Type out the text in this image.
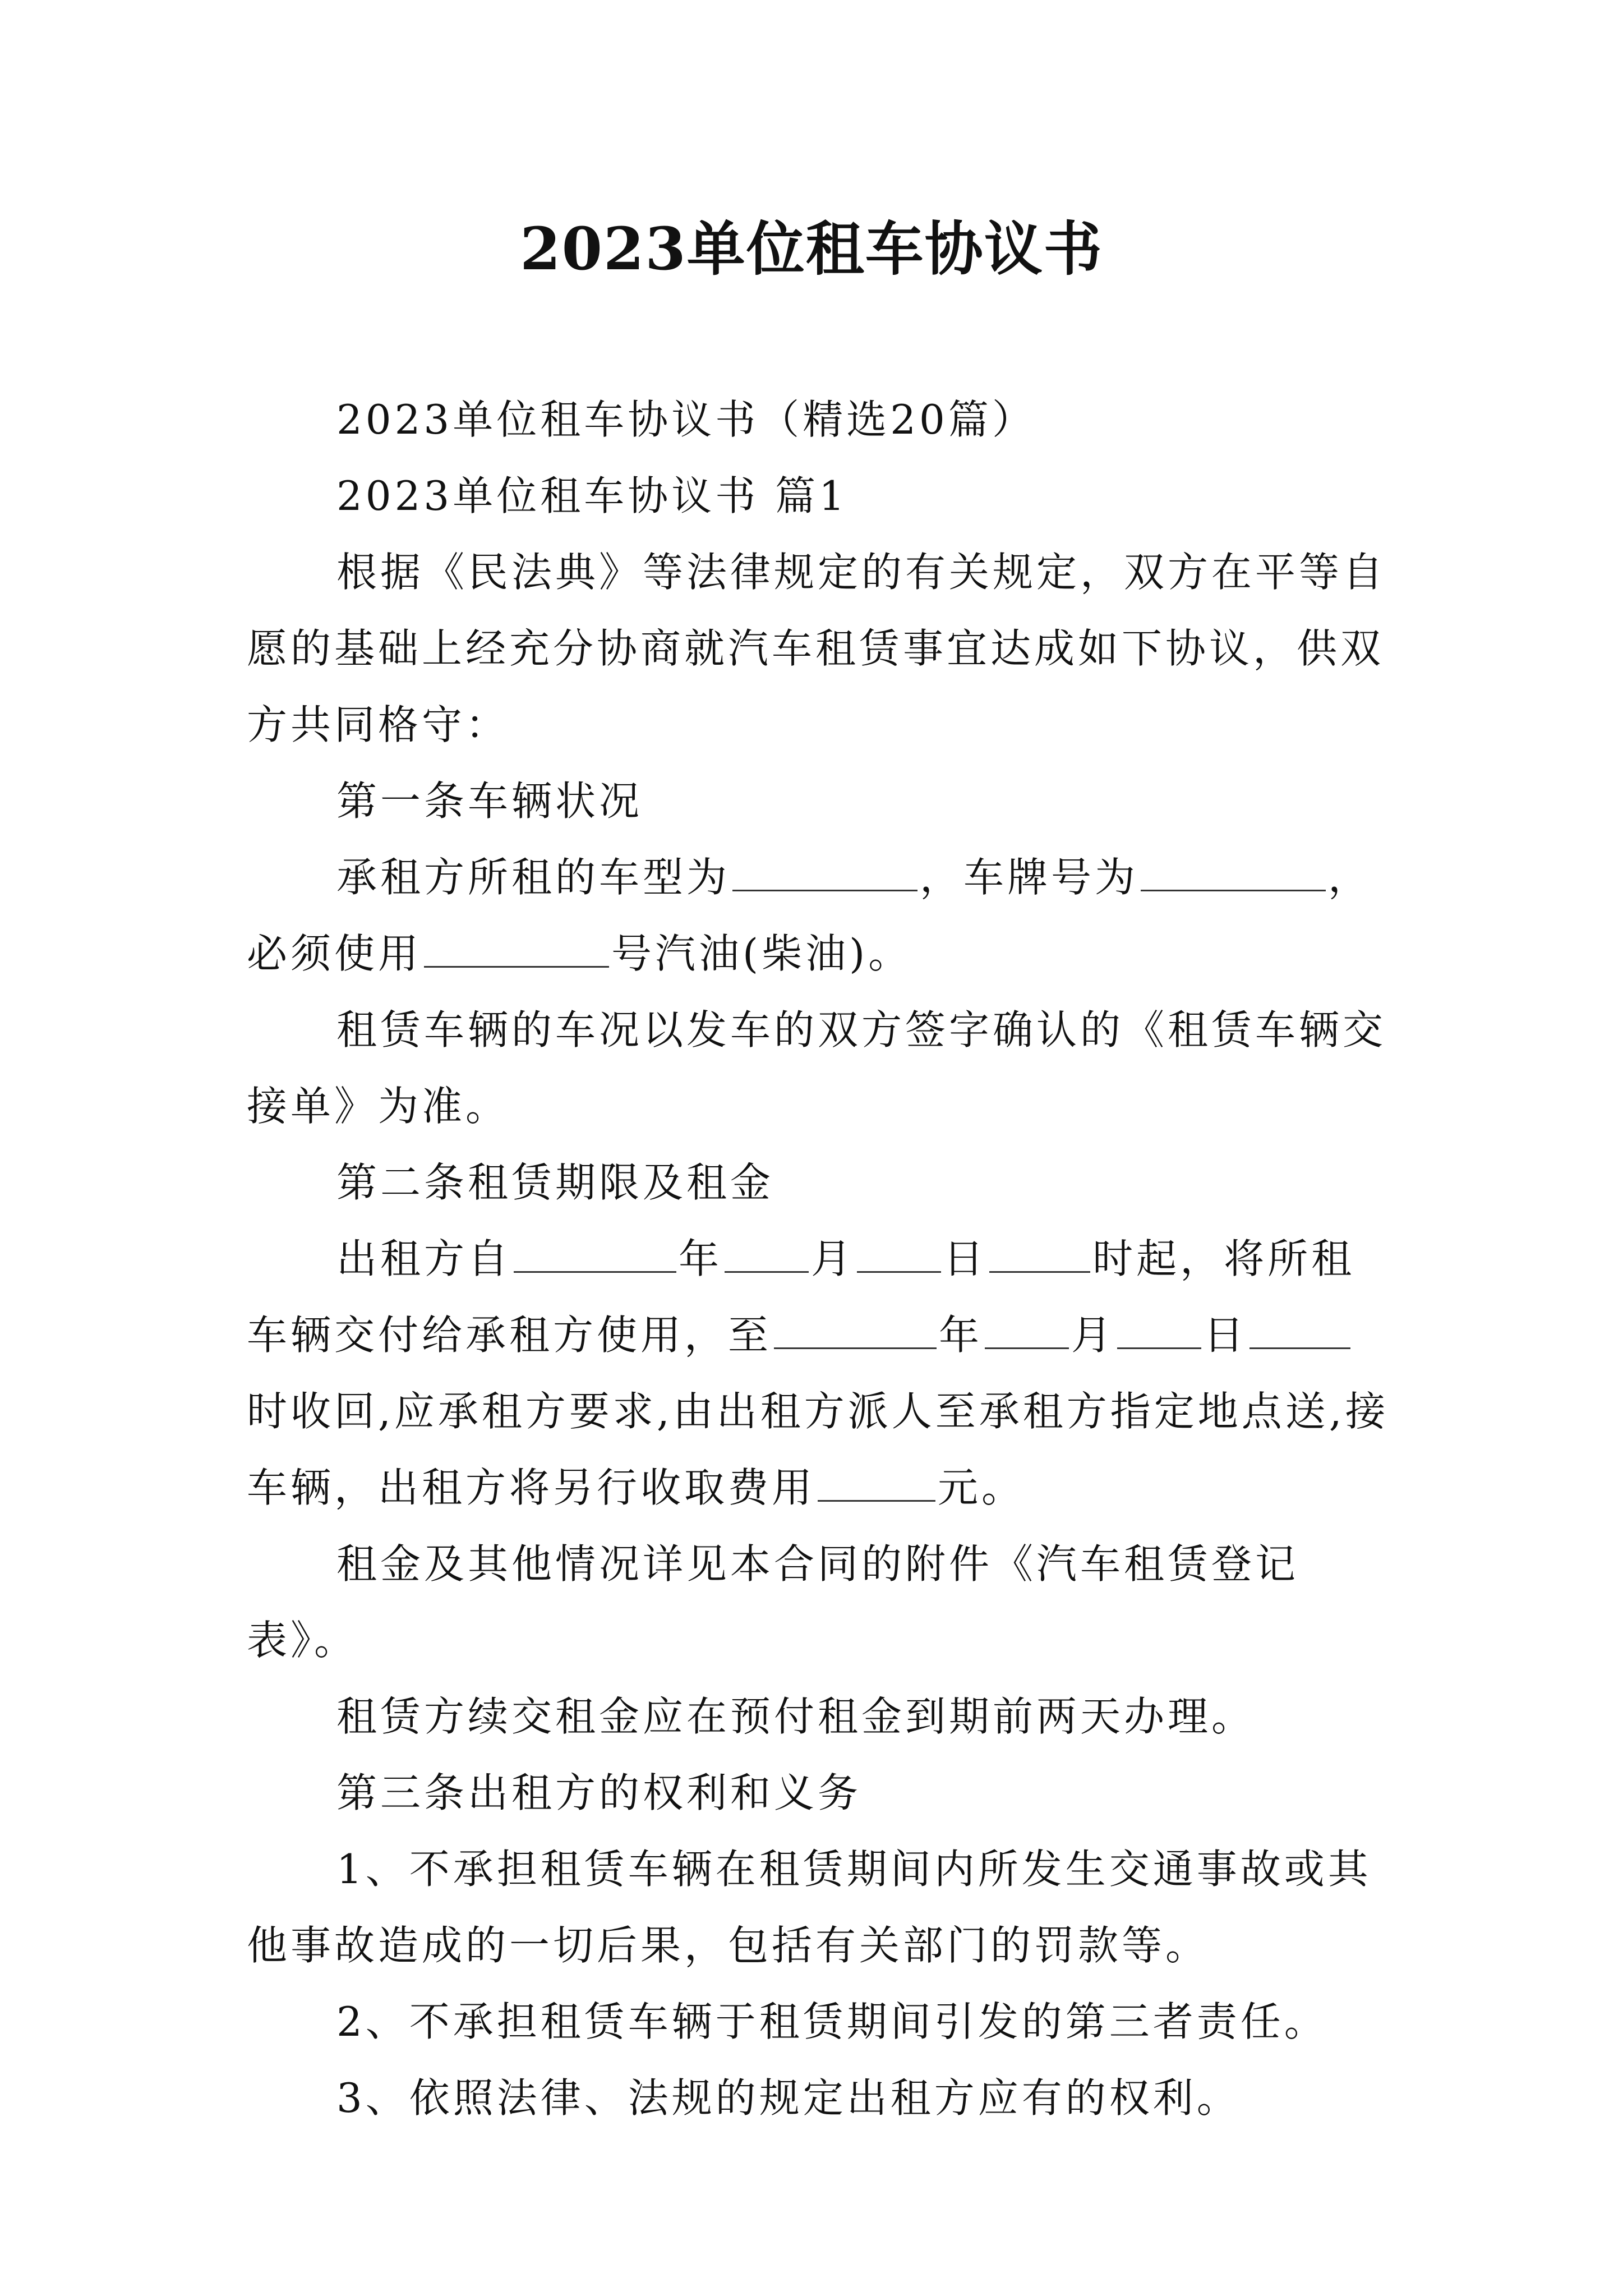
2023单位租车协议书

2023单位租车协议书（精选20篇）

2023单位租车协议书 篇1

根据《民法典》等法律规定的有关规定，双方在平等自愿的基础上经充分协商就汽车租赁事宜达成如下协议，供双方共同格守：

第一条车辆状况

承租方所租的车型为	，车牌号为	，必须使用	号汽油(柴油)。

租赁车辆的车况以发车的双方签字确认的《租赁车辆交接单》为准。

第二条租赁期限及租金

出租方自	年 月 日	时起，将所租车辆交付给承租方使用，至	年 月 日时收回,应承租方要求,由出租方派人至承租方指定地点送,接车辆，出租方将另行收取费用	元。

租金及其他情况详见本合同的附件《汽车租赁登记表》。

租赁方续交租金应在预付租金到期前两天办理。

第三条出租方的权利和义务

1、不承担租赁车辆在租赁期间内所发生交通事故或其他事故造成的一切后果，包括有关部门的罚款等。

2、不承担租赁车辆于租赁期间引发的第三者责任。

3、依照法律、法规的规定出租方应有的权利。
